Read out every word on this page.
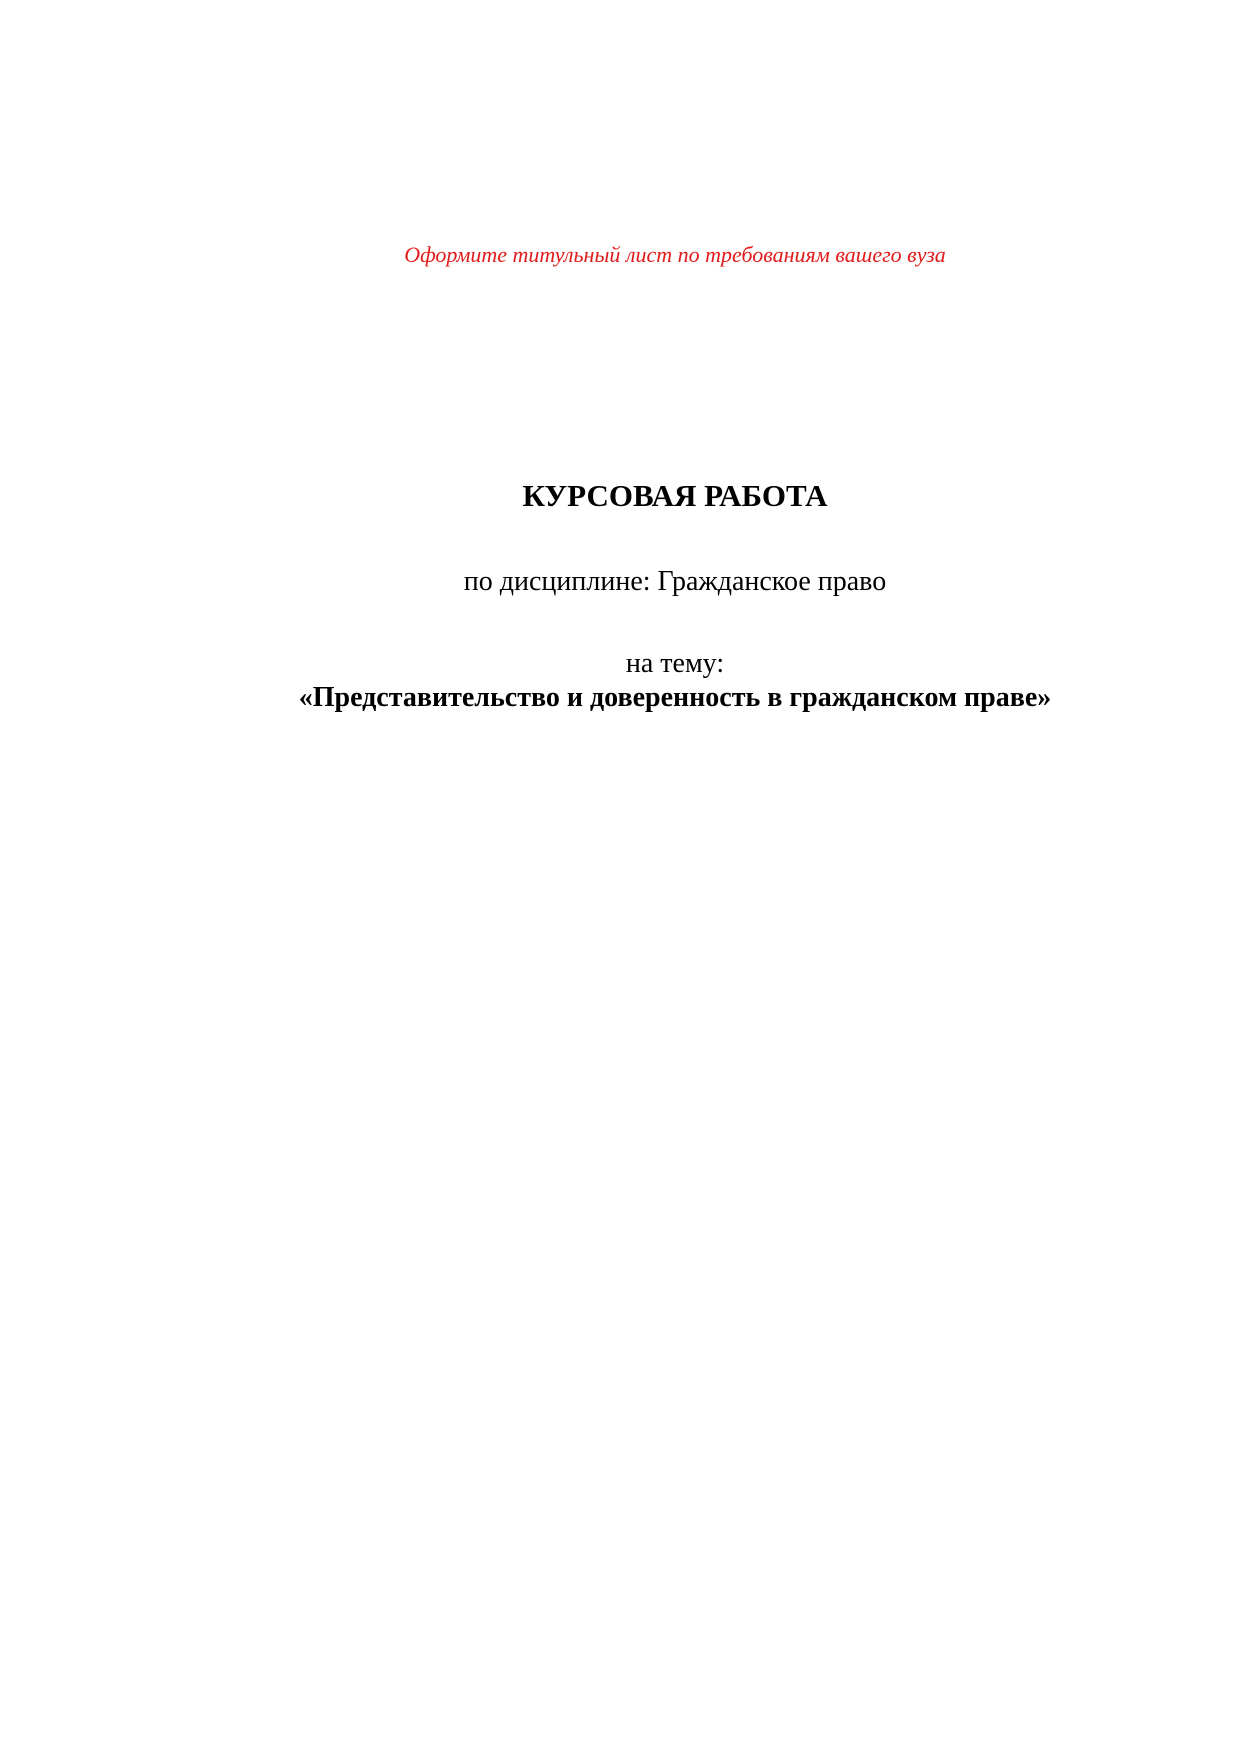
Оформите титульный лист по требованиям вашего вуза
КУРСОВАЯ РАБОТА
по дисциплине: Гражданское право
на тему:
«Представительство и доверенность в гражданском праве»
